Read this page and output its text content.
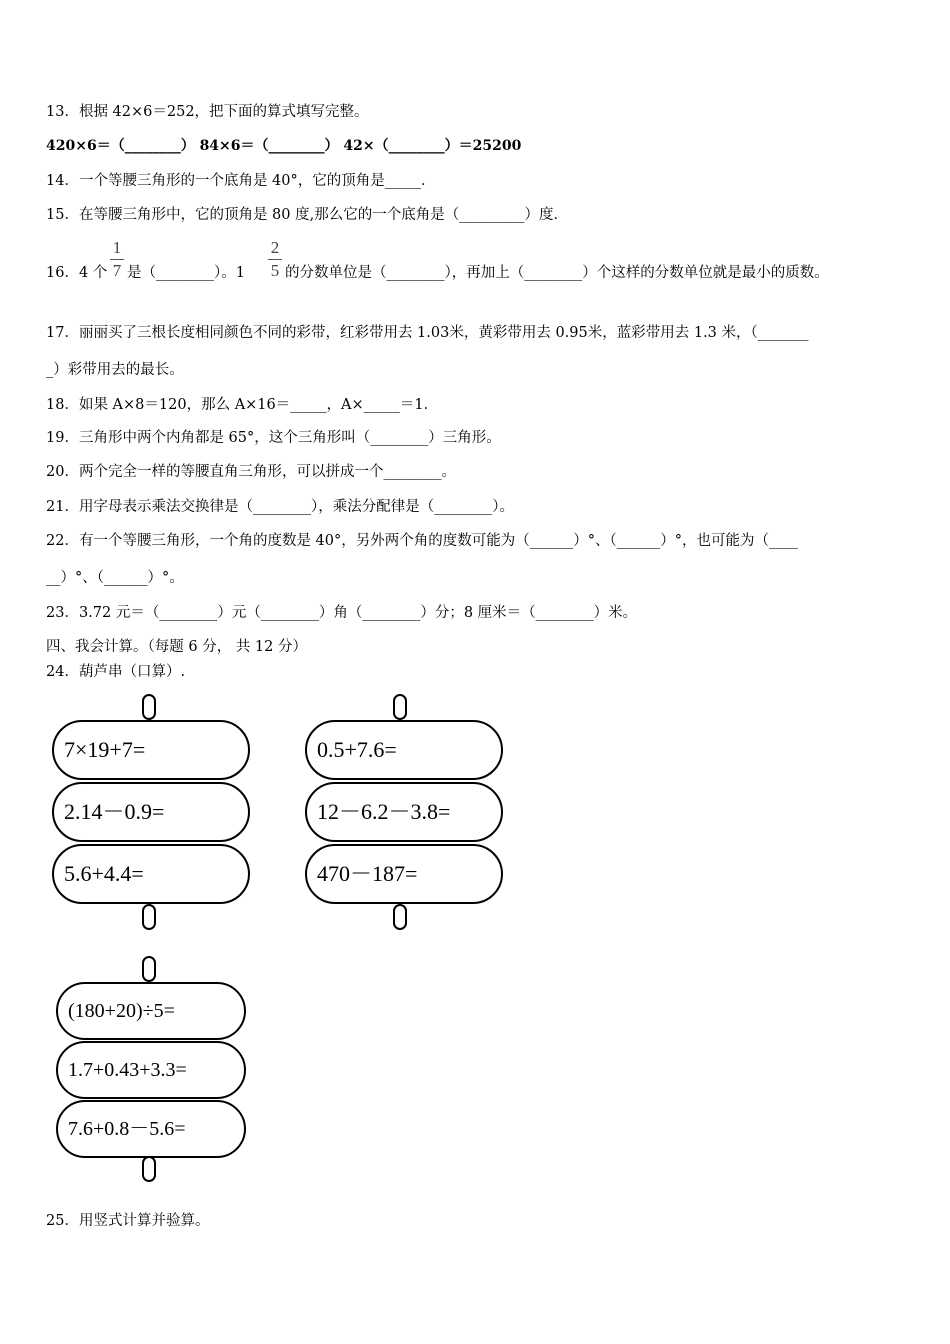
13．根据 42×6＝252，把下面的算式填写完整。
420×6＝（________） 84×6＝（________） 42×（________）＝25200
14．一个等腰三角形的一个底角是 40°，它的顶角是_____．
15．在等腰三角形中，它的顶角是 80 度,那么它的一个底角是（_________）度．
16．4 个
1
7 是（________）。1
2
5 的分数单位是（________），再加上（________）个这样的分数单位就是最小的质数。
17．丽丽买了三根长度相同颜色不同的彩带，红彩带用去 1.03米，黄彩带用去 0.95米，蓝彩带用去 1.3 米，（_______
_）彩带用去的最长。
18．如果 A×8＝120，那么 A×16＝_____，A×_____＝1．
19．三角形中两个内角都是 65°，这个三角形叫（________）三角形。
20．两个完全一样的等腰直角三角形，可以拼成一个________。
21．用字母表示乘法交换律是（________），乘法分配律是（________）。
22．有一个等腰三角形，一个角的度数是 40°，另外两个角的度数可能为（______）°、（______）°，也可能为（____
__）°、（______）°。
23．3.72 元＝（________）元（________）角（________）分；8 厘米＝（________）米。
四、我会计算。（每题 6 分， 共 12 分）
24．葫芦串（口算）.
7×19+7=
2.14－0.9=
5.6+4.4=
0.5+7.6=
12－6.2－3.8=
470－187=
(180+20)÷5=
1.7+0.43+3.3=
7.6+0.8－5.6=
25．用竖式计算并验算。
